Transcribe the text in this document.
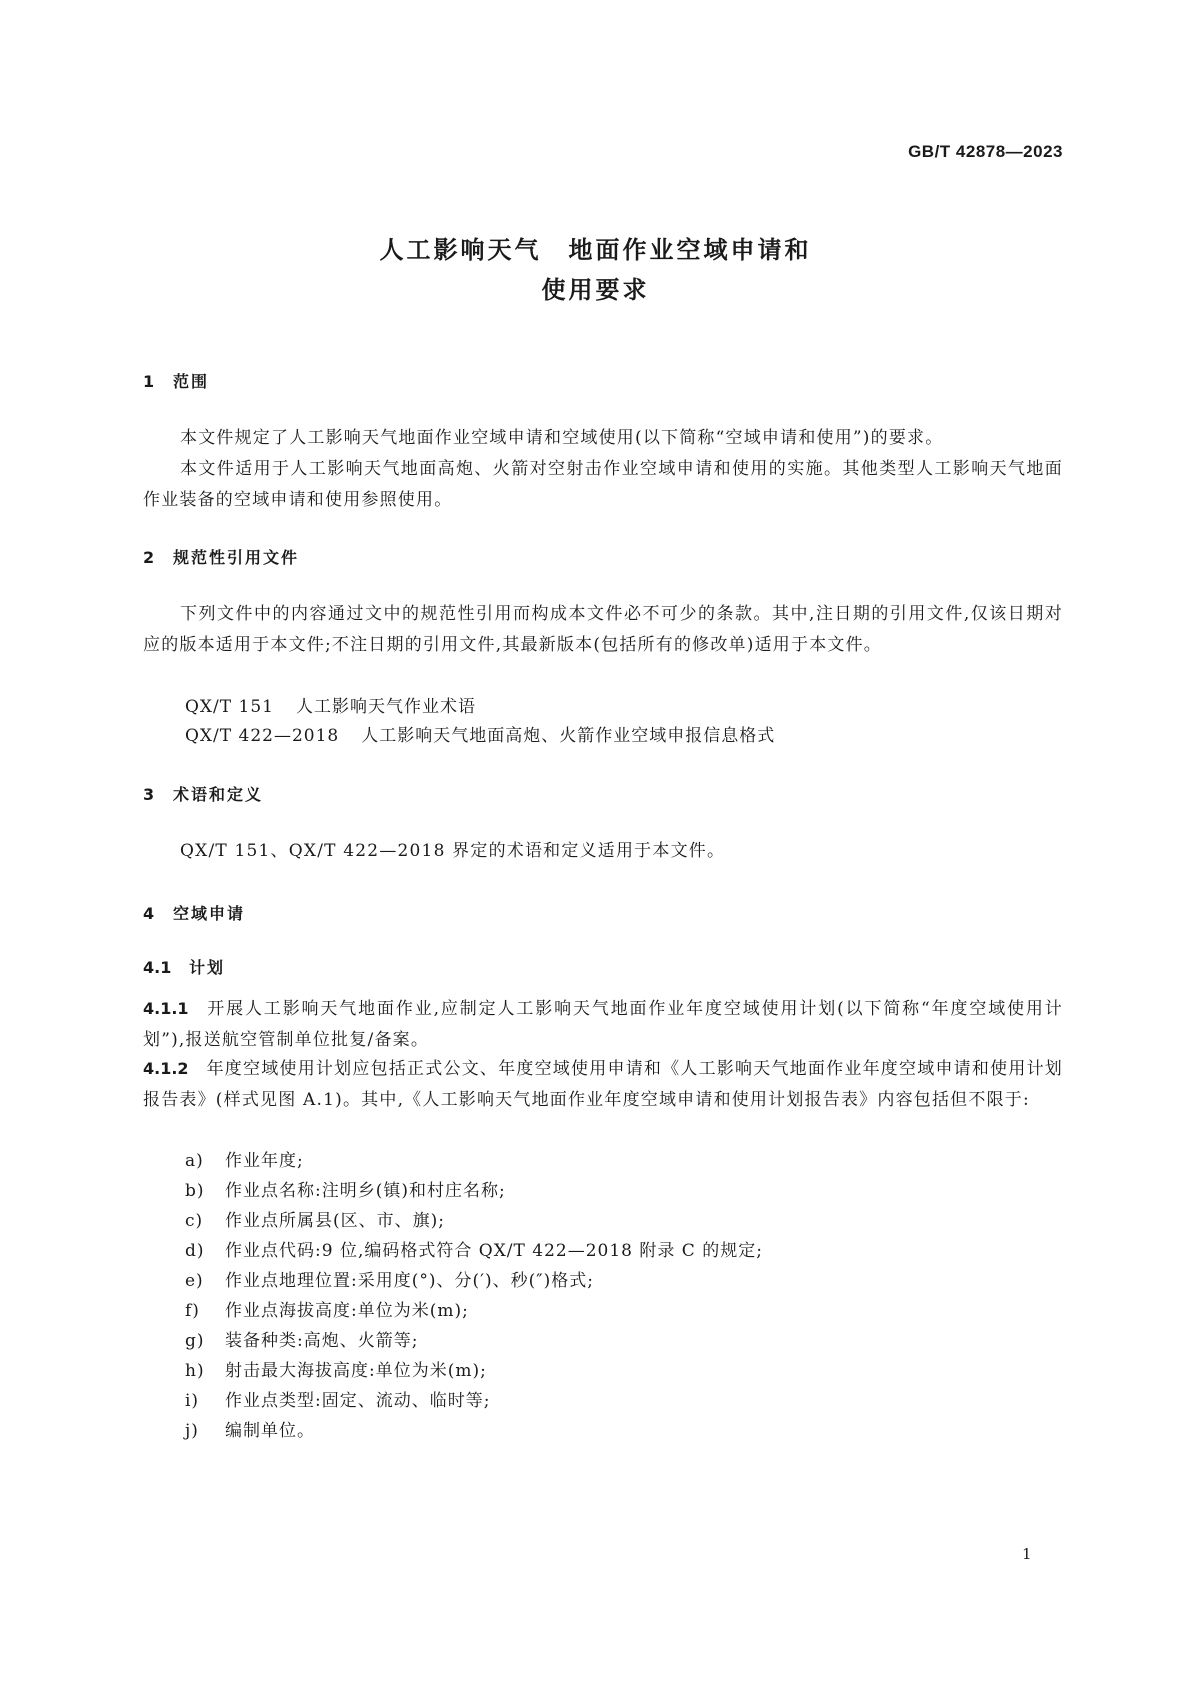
GB/T 42878—2023
人工影响天气　地面作业空域申请和
使用要求
1 范围
本文件规定了人工影响天气地面作业空域申请和空域使用(以下简称“空域申请和使用”)的要求。
本文件适用于人工影响天气地面高炮、火箭对空射击作业空域申请和使用的实施。其他类型人工影响天气地面作业装备的空域申请和使用参照使用。
2 规范性引用文件
下列文件中的内容通过文中的规范性引用而构成本文件必不可少的条款。其中,注日期的引用文件,仅该日期对应的版本适用于本文件;不注日期的引用文件,其最新版本(包括所有的修改单)适用于本文件。
QX/T 151 人工影响天气作业术语
QX/T 422—2018 人工影响天气地面高炮、火箭作业空域申报信息格式
3 术语和定义
QX/T 151、QX/T 422—2018 界定的术语和定义适用于本文件。
4 空域申请
4.1 计划
4.1.1 开展人工影响天气地面作业,应制定人工影响天气地面作业年度空域使用计划(以下简称“年度空域使用计划”),报送航空管制单位批复/备案。
4.1.2 年度空域使用计划应包括正式公文、年度空域使用申请和《人工影响天气地面作业年度空域申请和使用计划报告表》(样式见图 A.1)。其中,《人工影响天气地面作业年度空域申请和使用计划报告表》内容包括但不限于:
a) 作业年度;
b) 作业点名称:注明乡(镇)和村庄名称;
c) 作业点所属县(区、市、旗);
d) 作业点代码:9 位,编码格式符合 QX/T 422—2018 附录 C 的规定;
e) 作业点地理位置:采用度(°)、分(′)、秒(″)格式;
f) 作业点海拔高度:单位为米(m);
g) 装备种类:高炮、火箭等;
h) 射击最大海拔高度:单位为米(m);
i) 作业点类型:固定、流动、临时等;
j) 编制单位。
1
